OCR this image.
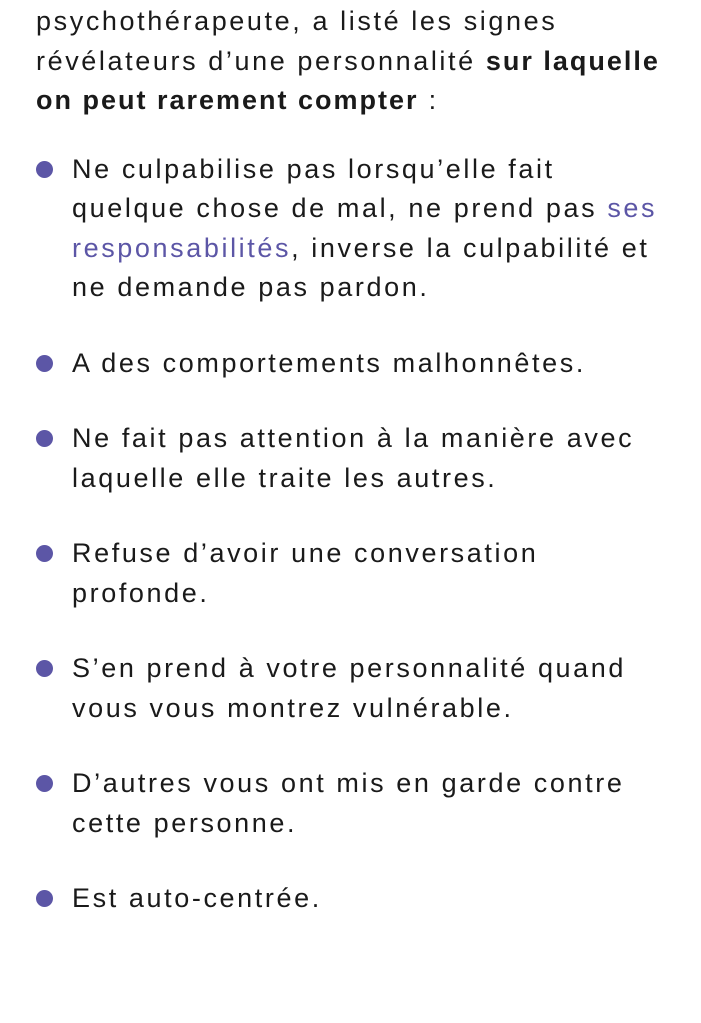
psychothérapeute, a listé les signes révélateurs d’une personnalité sur laquelle on peut rarement compter :

Ne culpabilise pas lorsqu’elle fait quelque chose de mal, ne prend pas ses responsabilités, inverse la culpabilité et ne demande pas pardon.
A des comportements malhonnêtes.
Ne fait pas attention à la manière avec laquelle elle traite les autres.
Refuse d’avoir une conversation profonde.
S’en prend à votre personnalité quand vous vous montrez vulnérable.
D’autres vous ont mis en garde contre cette personne.
Est auto-centrée.
